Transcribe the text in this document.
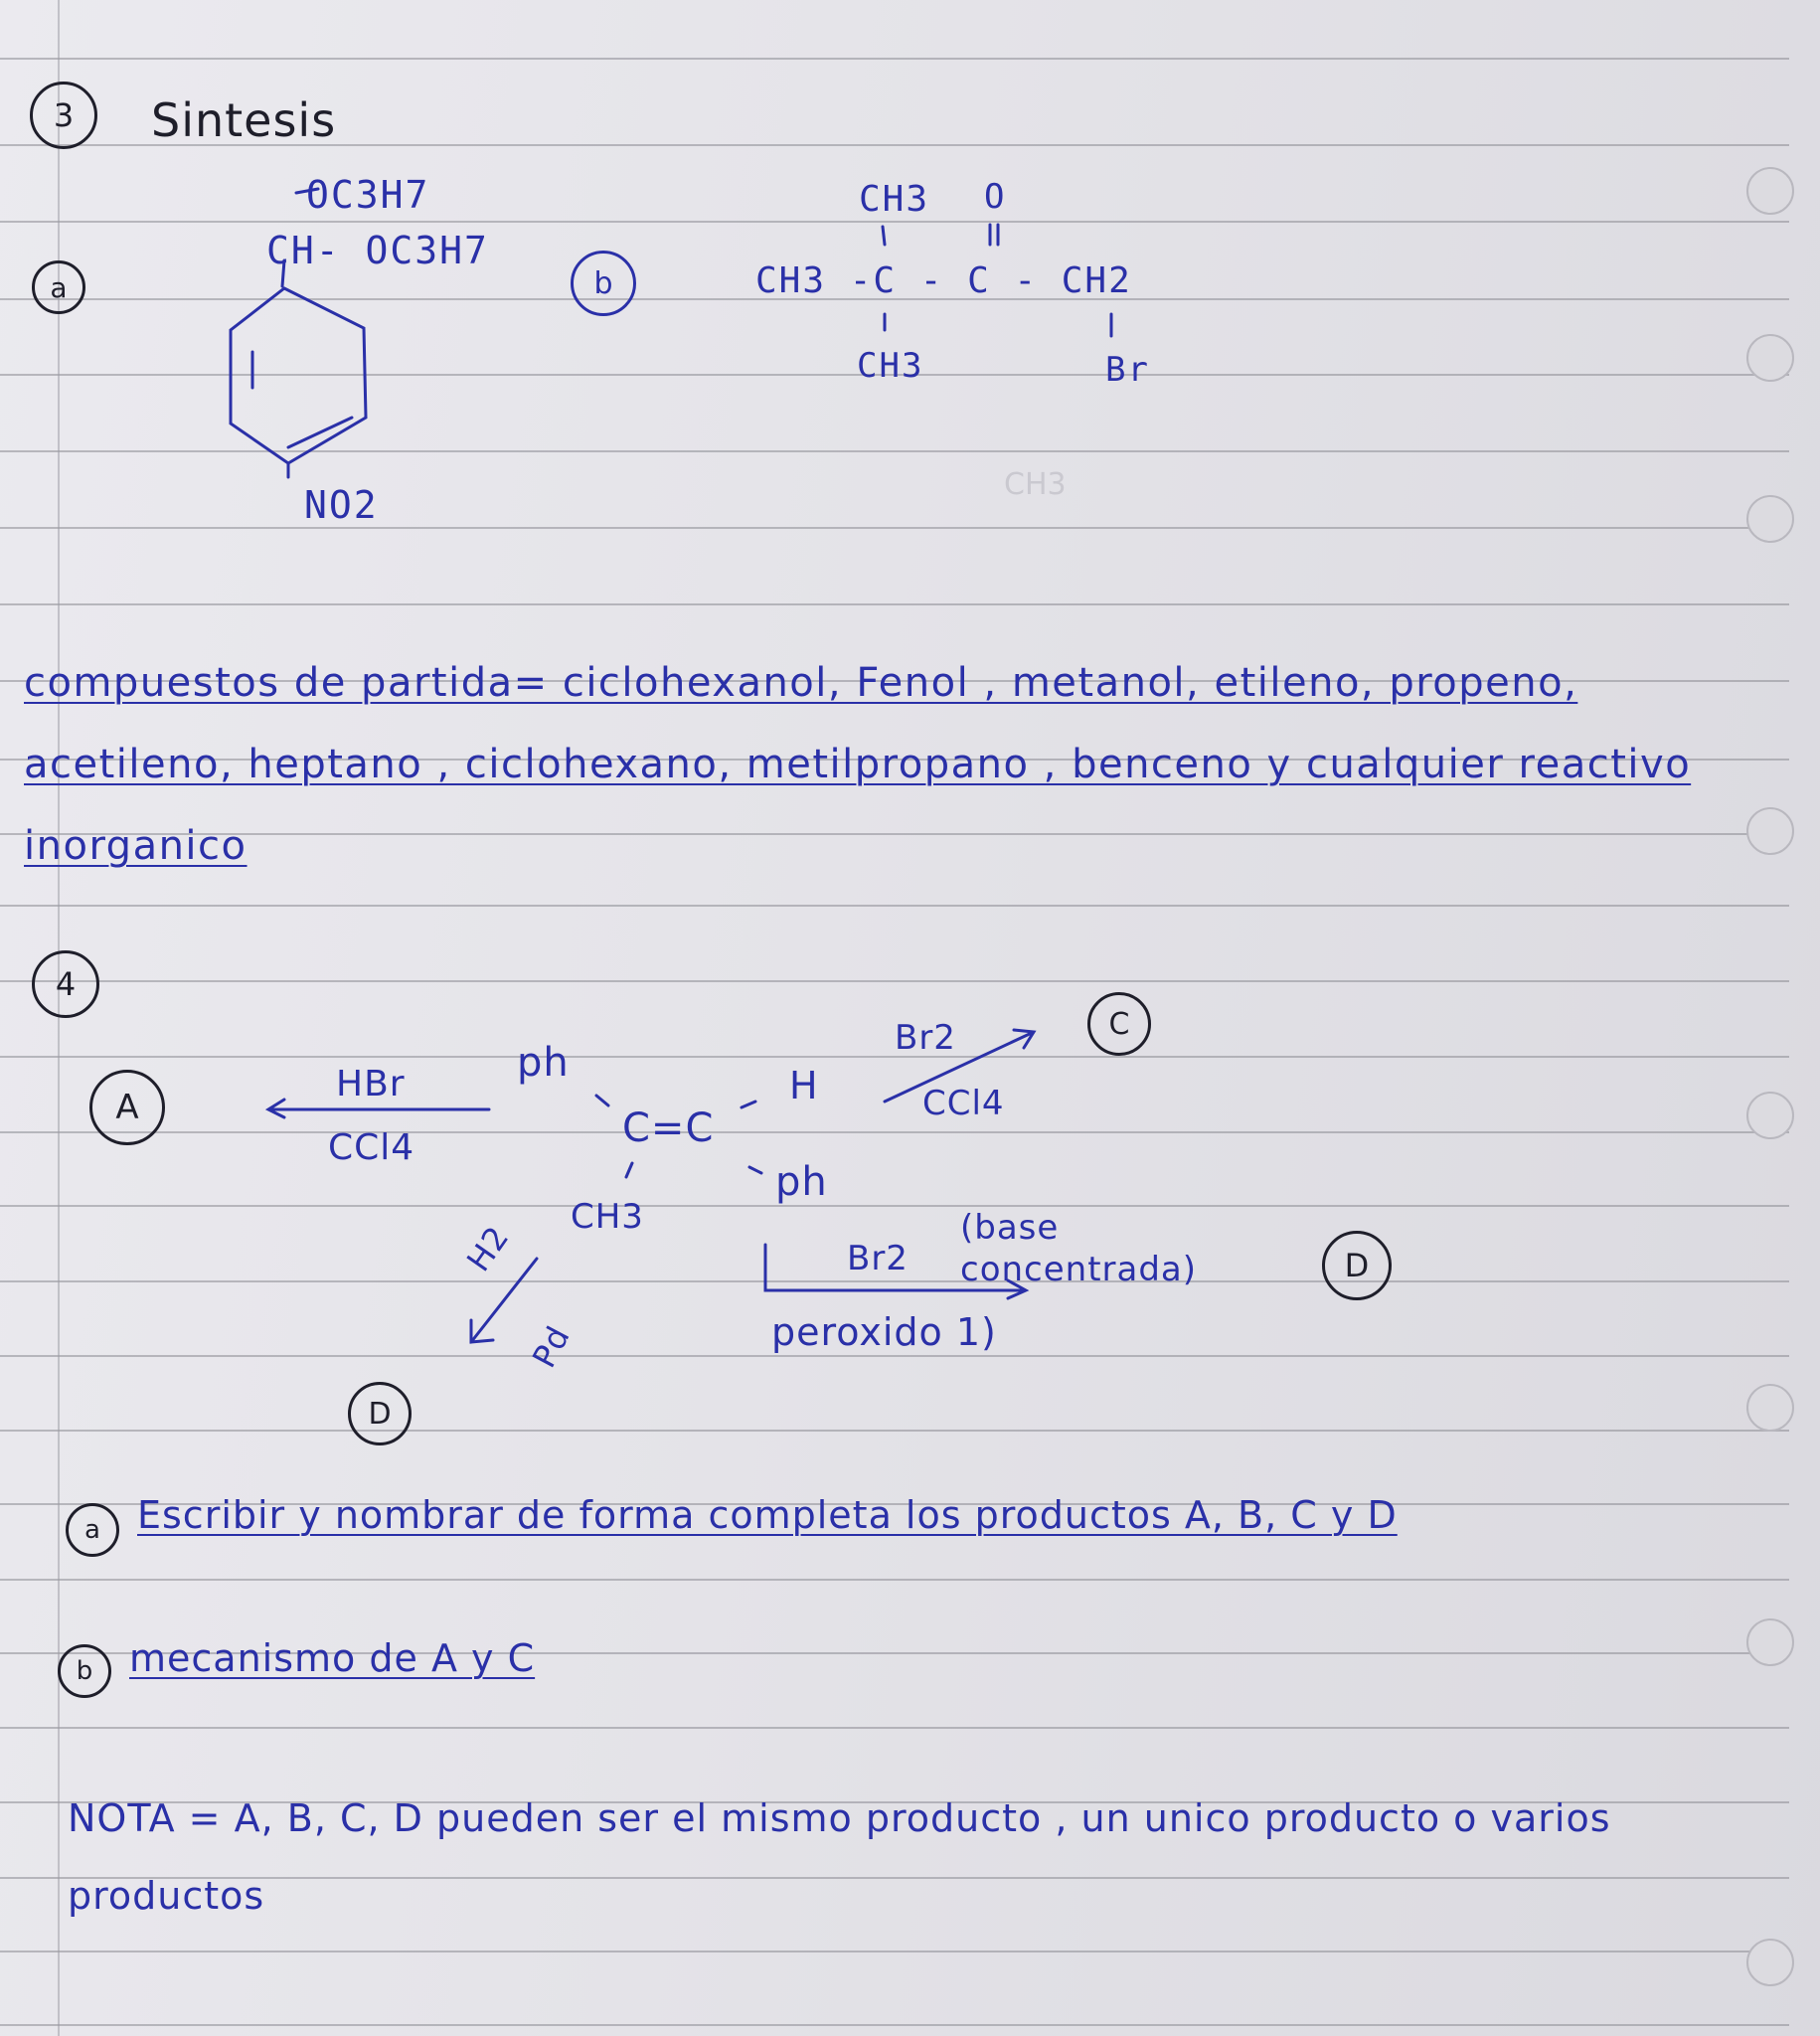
3 Sintesis
a
OC3H7
CH- OC3H7
NO2
b
CH3 O
CH3 -C - C - CH2
CH3	Br
CH3
compuestos de partida= ciclohexanol, Fenol , metanol, etileno, propeno, acetileno, heptano , ciclohexano, metilpropano , benceno y cualquier reactivo inorganico
4
A
HBr
CCl4
ph
C=C
H
ph
CH3
Br2
CCl4
C
Br2
(base concentrada)
peroxido 1)
D
H2
Pd
D
a Escribir y nombrar de forma completa los productos A, B, C y D
b mecanismo de A y C
NOTA = A, B, C, D pueden ser el mismo producto , un unico producto o varios productos
